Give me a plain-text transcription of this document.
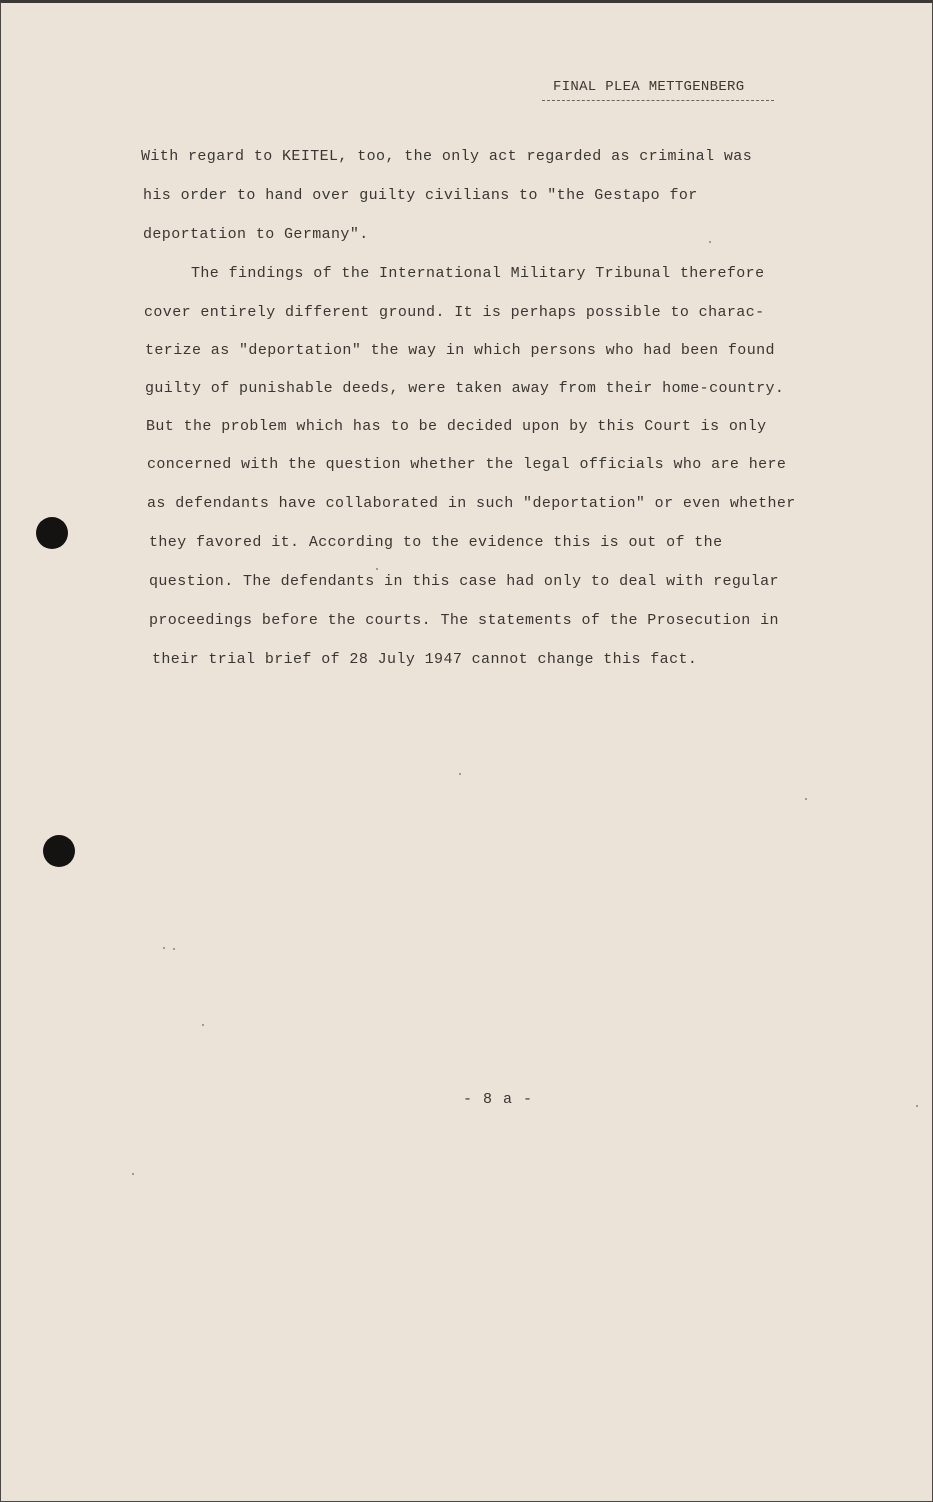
FINAL PLEA METTGENBERG
With regard to KEITEL, too, the only act regarded as criminal was
his order to hand over guilty civilians to "the Gestapo for
deportation to Germany".
The findings of the International Military Tribunal therefore
cover entirely different ground. It is perhaps possible to charac-
terize as "deportation" the way in which persons who had been found
guilty of punishable deeds, were taken away from their home-country.
But the problem which has to be decided upon by this Court is only
concerned with the question whether the legal officials who are here
as defendants have collaborated in such "deportation" or even whether
they favored it. According to the evidence this is out of the
question. The defendants in this case had only to deal with regular
proceedings before the courts. The statements of the Prosecution in
their trial brief of 28 July 1947 cannot change this fact.
- 8 a -
